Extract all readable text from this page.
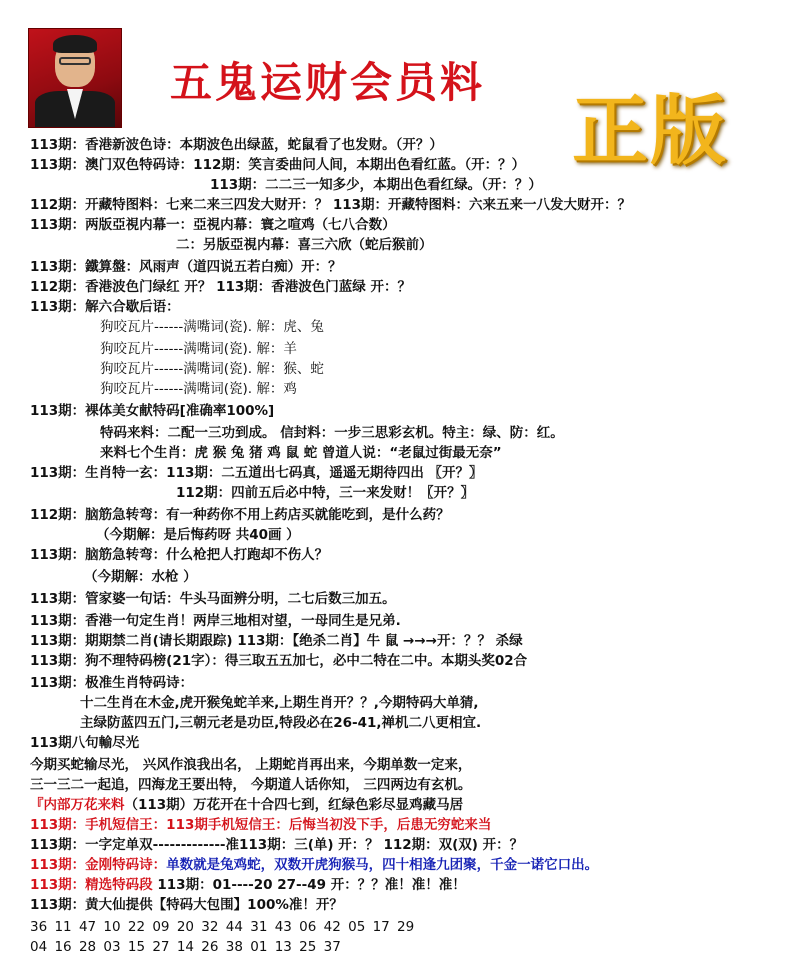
五鬼运财会员料
正版
113期：香港新波色诗：本期波色出绿蓝，蛇鼠看了也发财。（开？）
113期：澳门双色特码诗：112期：笑言委曲问人间，本期出色看红蓝。（开：？）
113期：二二三一知多少，本期出色看红绿。（开：？）
112期：开藏特图料：七来二来三四发大财开：？ 113期：开藏特图料：六来五来一八发大财开：？
113期：两版亞視内幕一：亞視内幕：寰之喧鸡（七八合数）
二：另版亞視内幕：喜三六欣（蛇后猴前）
113期：鐵算盤：风雨声（道四说五若白痴）开：？
112期：香港波色门绿红 开？ 113期：香港波色门蓝绿 开：？
113期：解六合歇后语：
狗咬瓦片------满嘴词(瓷). 解：虎、兔
狗咬瓦片------满嘴词(瓷). 解：羊
狗咬瓦片------满嘴词(瓷). 解：猴、蛇
狗咬瓦片------满嘴词(瓷). 解：鸡
113期：裸体美女献特码[准确率100%]
特码来料：二配一三功到成。 信封料：一步三思彩玄机。特主：绿、防：红。
来料七个生肖：虎 猴 兔 猪 鸡 鼠 蛇 曾道人说：“老鼠过街最无奈”
113期：生肖特一玄：113期：二五道出七码真，遥遥无期待四出 〖开？〗
112期：四前五后必中特，三一来发财！〖开？〗
112期：脑筋急转弯：有一种药你不用上药店买就能吃到，是什么药？
（今期解：是后悔药呀 共40画 ）
113期：脑筋急转弯：什么枪把人打跑却不伤人？
（今期解：水枪 ）
113期：管家婆一句话：牛头马面辨分明，二七后数三加五。
113期：香港一句定生肖！两岸三地相对望，一母同生是兄弟.
113期：期期禁二肖(请长期跟踪) 113期：【绝杀二肖】牛 鼠 →→→开：？？ 杀绿
113期：狗不理特码榜(21字）：得三取五五加七，必中二特在二中。本期头奖02合
113期：极准生肖特码诗：
十二生肖在木金,虎开猴兔蛇羊来,上期生肖开？？,今期特码大单猜,
主绿防蓝四五门,三朝元老是功臣,特段必在26-41,禅机二八更相宜.
113期八句輸尽光
今期买蛇输尽光， 兴风作浪我出名， 上期蛇肖再出来，今期单数一定来，
三一三二一起追，四海龙王要出特， 今期道人话你知， 三四两边有玄机。
『内部万花来料（113期）万花开在十合四七到，红绿色彩尽显鸡藏马居
113期：手机短信王：113期手机短信王：后悔当初没下手，后患无穷蛇来当
113期：一字定单双-------------准113期：三(单) 开：？ 112期：双(双) 开：？
113期：金刚特码诗：单数就是兔鸡蛇，双数开虎狗猴马，四十相逢九团聚，千金一诺它口出。
113期：精选特码段 113期：01----20 27--49 开：？？准！准！准！
113期：黄大仙提供【特码大包围】100%准！开？
36 11 47 10 22 09 20 32 44 31 43 06 42 05 17 29
04 16 28 03 15 27 14 26 38 01 13 25 37
